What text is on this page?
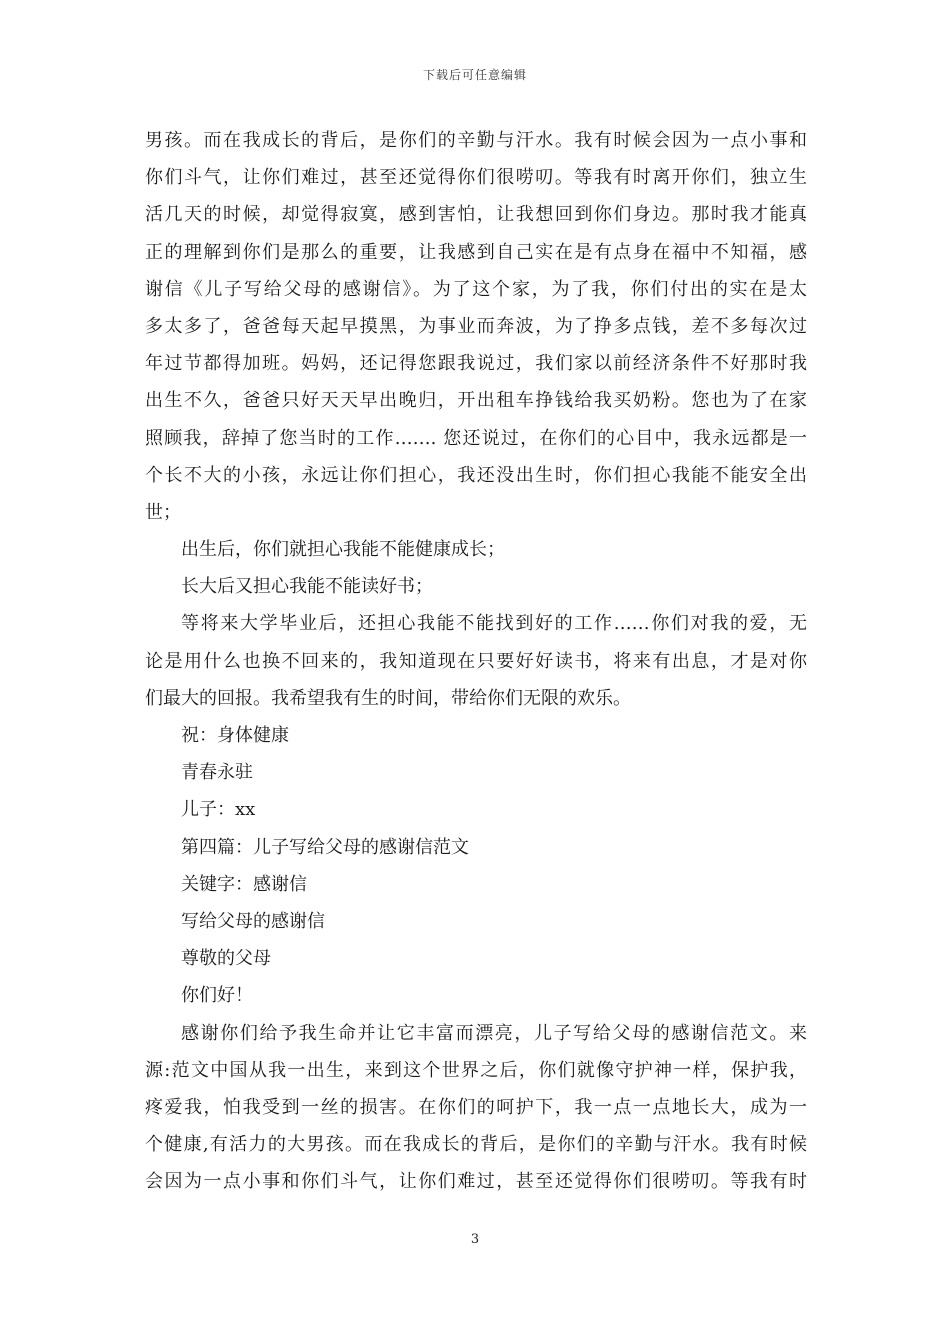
下载后可任意编辑
男孩。而在我成长的背后，是你们的辛勤与汗水。我有时候会因为一点小事和
你们斗气，让你们难过，甚至还觉得你们很唠叨。等我有时离开你们，独立生
活几天的时候，却觉得寂寞，感到害怕，让我想回到你们身边。那时我才能真
正的理解到你们是那么的重要，让我感到自己实在是有点身在福中不知福，感
谢信《儿子写给父母的感谢信》。为了这个家，为了我，你们付出的实在是太
多太多了，爸爸每天起早摸黑，为事业而奔波，为了挣多点钱，差不多每次过
年过节都得加班。妈妈，还记得您跟我说过，我们家以前经济条件不好那时我
出生不久，爸爸只好天天早出晚归，开出租车挣钱给我买奶粉。您也为了在家
照顾我，辞掉了您当时的工作……. 您还说过，在你们的心目中，我永远都是一
个长不大的小孩，永远让你们担心，我还没出生时，你们担心我能不能安全出
世；
出生后，你们就担心我能不能健康成长；
长大后又担心我能不能读好书；
等将来大学毕业后，还担心我能不能找到好的工作……你们对我的爱，无
论是用什么也换不回来的，我知道现在只要好好读书，将来有出息，才是对你
们最大的回报。我希望我有生的时间，带给你们无限的欢乐。
祝：身体健康
青春永驻
儿子：xx
第四篇：儿子写给父母的感谢信范文
关键字：感谢信
写给父母的感谢信
尊敬的父母
你们好！
感谢你们给予我生命并让它丰富而漂亮，儿子写给父母的感谢信范文。来
源:范文中国从我一出生，来到这个世界之后，你们就像守护神一样，保护我，
疼爱我，怕我受到一丝的损害。在你们的呵护下，我一点一点地长大，成为一
个健康,有活力的大男孩。而在我成长的背后，是你们的辛勤与汗水。我有时候
会因为一点小事和你们斗气，让你们难过，甚至还觉得你们很唠叨。等我有时
3
